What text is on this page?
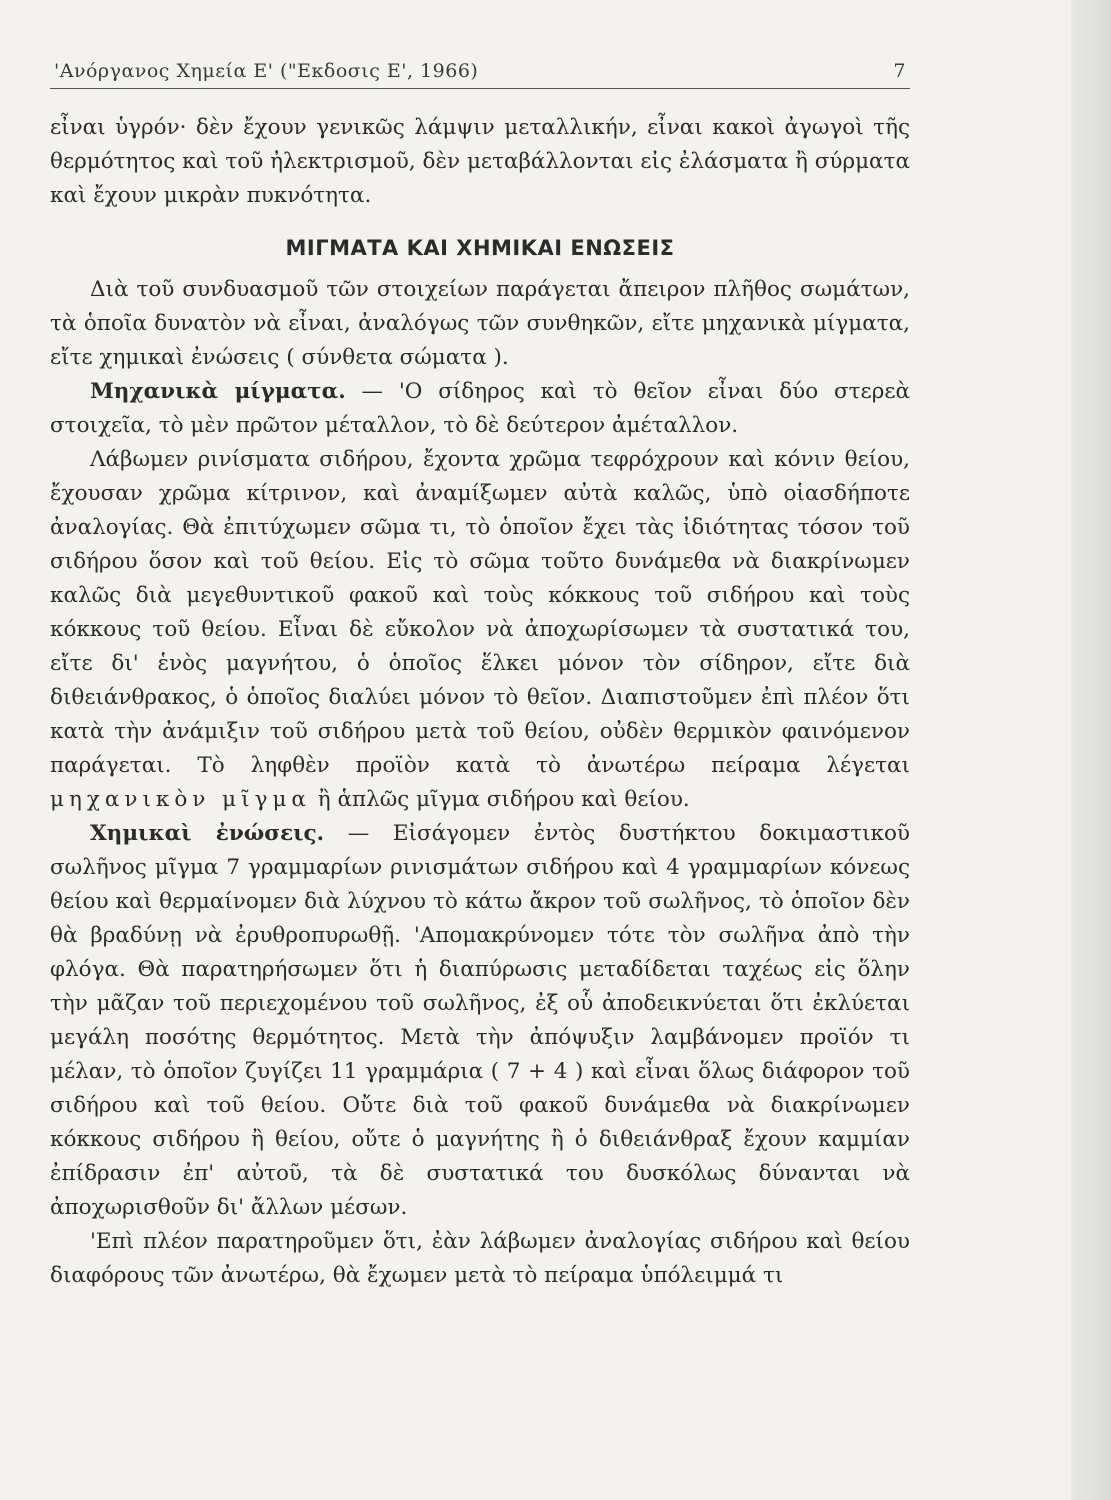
'Ανόργανος Χημεία Ε' ("Εκδοσις Ε', 1966)	7

εἶναι ὑγρόν· δὲν ἔχουν γενικῶς λάμψιν μεταλλικήν, εἶναι κακοὶ ἀγωγοὶ τῆς θερμότητος καὶ τοῦ ἠλεκτρισμοῦ, δὲν μεταβάλλονται εἰς ἐλάσματα ἢ σύρματα καὶ ἔχουν μικρὰν πυκνότητα.

ΜΙΓΜΑΤΑ ΚΑΙ ΧΗΜΙΚΑΙ ΕΝΩΣΕΙΣ

Διὰ τοῦ συνδυασμοῦ τῶν στοιχείων παράγεται ἄπειρον πλῆθος σωμάτων, τὰ ὁποῖα δυνατὸν νὰ εἶναι, ἀναλόγως τῶν συνθηκῶν, εἴτε μηχανικὰ μίγματα, εἴτε χημικαὶ ἐνώσεις ( σύνθετα σώματα ).

Μηχανικὰ μίγματα. — 'Ο σίδηρος καὶ τὸ θεῖον εἶναι δύο στερεὰ στοιχεῖα, τὸ μὲν πρῶτον μέταλλον, τὸ δὲ δεύτερον ἀμέταλλον.

Λάβωμεν ρινίσματα σιδήρου, ἔχοντα χρῶμα τεφρόχρουν καὶ κόνιν θείου, ἔχουσαν χρῶμα κίτρινον, καὶ ἀναμίξωμεν αὐτὰ καλῶς, ὑπὸ οἱασδήποτε ἀναλογίας. Θὰ ἐπιτύχωμεν σῶμα τι, τὸ ὁποῖον ἔχει τὰς ἰδιότητας τόσον τοῦ σιδήρου ὅσον καὶ τοῦ θείου. Εἰς τὸ σῶμα τοῦτο δυνάμεθα νὰ διακρίνωμεν καλῶς διὰ μεγεθυντικοῦ φακοῦ καὶ τοὺς κόκκους τοῦ σιδήρου καὶ τοὺς κόκκους τοῦ θείου. Εἶναι δὲ εὔκολον νὰ ἀποχωρίσωμεν τὰ συστατικά του, εἴτε δι' ἑνὸς μαγνήτου, ὁ ὁποῖος ἕλκει μόνον τὸν σίδηρον, εἴτε διὰ διθειάνθρακος, ὁ ὁποῖος διαλύει μόνον τὸ θεῖον. Διαπιστοῦμεν ἐπὶ πλέον ὅτι κατὰ τὴν ἀνάμιξιν τοῦ σιδήρου μετὰ τοῦ θείου, οὐδὲν θερμικὸν φαινόμενον παράγεται. Τὸ ληφθὲν προϊὸν κατὰ τὸ ἀνωτέρω πείραμα λέγεται μηχανικὸν μῖγμα ἢ ἁπλῶς μῖγμα σιδήρου καὶ θείου.

Χημικαὶ ἐνώσεις. — Εἰσάγομεν ἐντὸς δυστήκτου δοκιμαστικοῦ σωλῆνος μῖγμα 7 γραμμαρίων ρινισμάτων σιδήρου καὶ 4 γραμμαρίων κόνεως θείου καὶ θερμαίνομεν διὰ λύχνου τὸ κάτω ἄκρον τοῦ σωλῆνος, τὸ ὁποῖον δὲν θὰ βραδύνῃ νὰ ἐρυθροπυρωθῇ. 'Απομακρύνομεν τότε τὸν σωλῆνα ἀπὸ τὴν φλόγα. Θὰ παρατηρήσωμεν ὅτι ἡ διαπύρωσις μεταδίδεται ταχέως εἰς ὅλην τὴν μᾶζαν τοῦ περιεχομένου τοῦ σωλῆνος, ἐξ οὗ ἀποδεικνύεται ὅτι ἐκλύεται μεγάλη ποσότης θερμότητος. Μετὰ τὴν ἀπόψυξιν λαμβάνομεν προϊόν τι μέλαν, τὸ ὁποῖον ζυγίζει 11 γραμμάρια ( 7 + 4 ) καὶ εἶναι ὅλως διάφορον τοῦ σιδήρου καὶ τοῦ θείου. Οὔτε διὰ τοῦ φακοῦ δυνάμεθα νὰ διακρίνωμεν κόκκους σιδήρου ἢ θείου, οὔτε ὁ μαγνήτης ἢ ὁ διθειάνθραξ ἔχουν καμμίαν ἐπίδρασιν ἐπ' αὐτοῦ, τὰ δὲ συστατικά του δυσκόλως δύνανται νὰ ἀποχωρισθοῦν δι' ἄλλων μέσων.

'Επὶ πλέον παρατηροῦμεν ὅτι, ἐὰν λάβωμεν ἀναλογίας σιδήρου καὶ θείου διαφόρους τῶν ἀνωτέρω, θὰ ἔχωμεν μετὰ τὸ πείραμα ὑπόλειμμά τι
